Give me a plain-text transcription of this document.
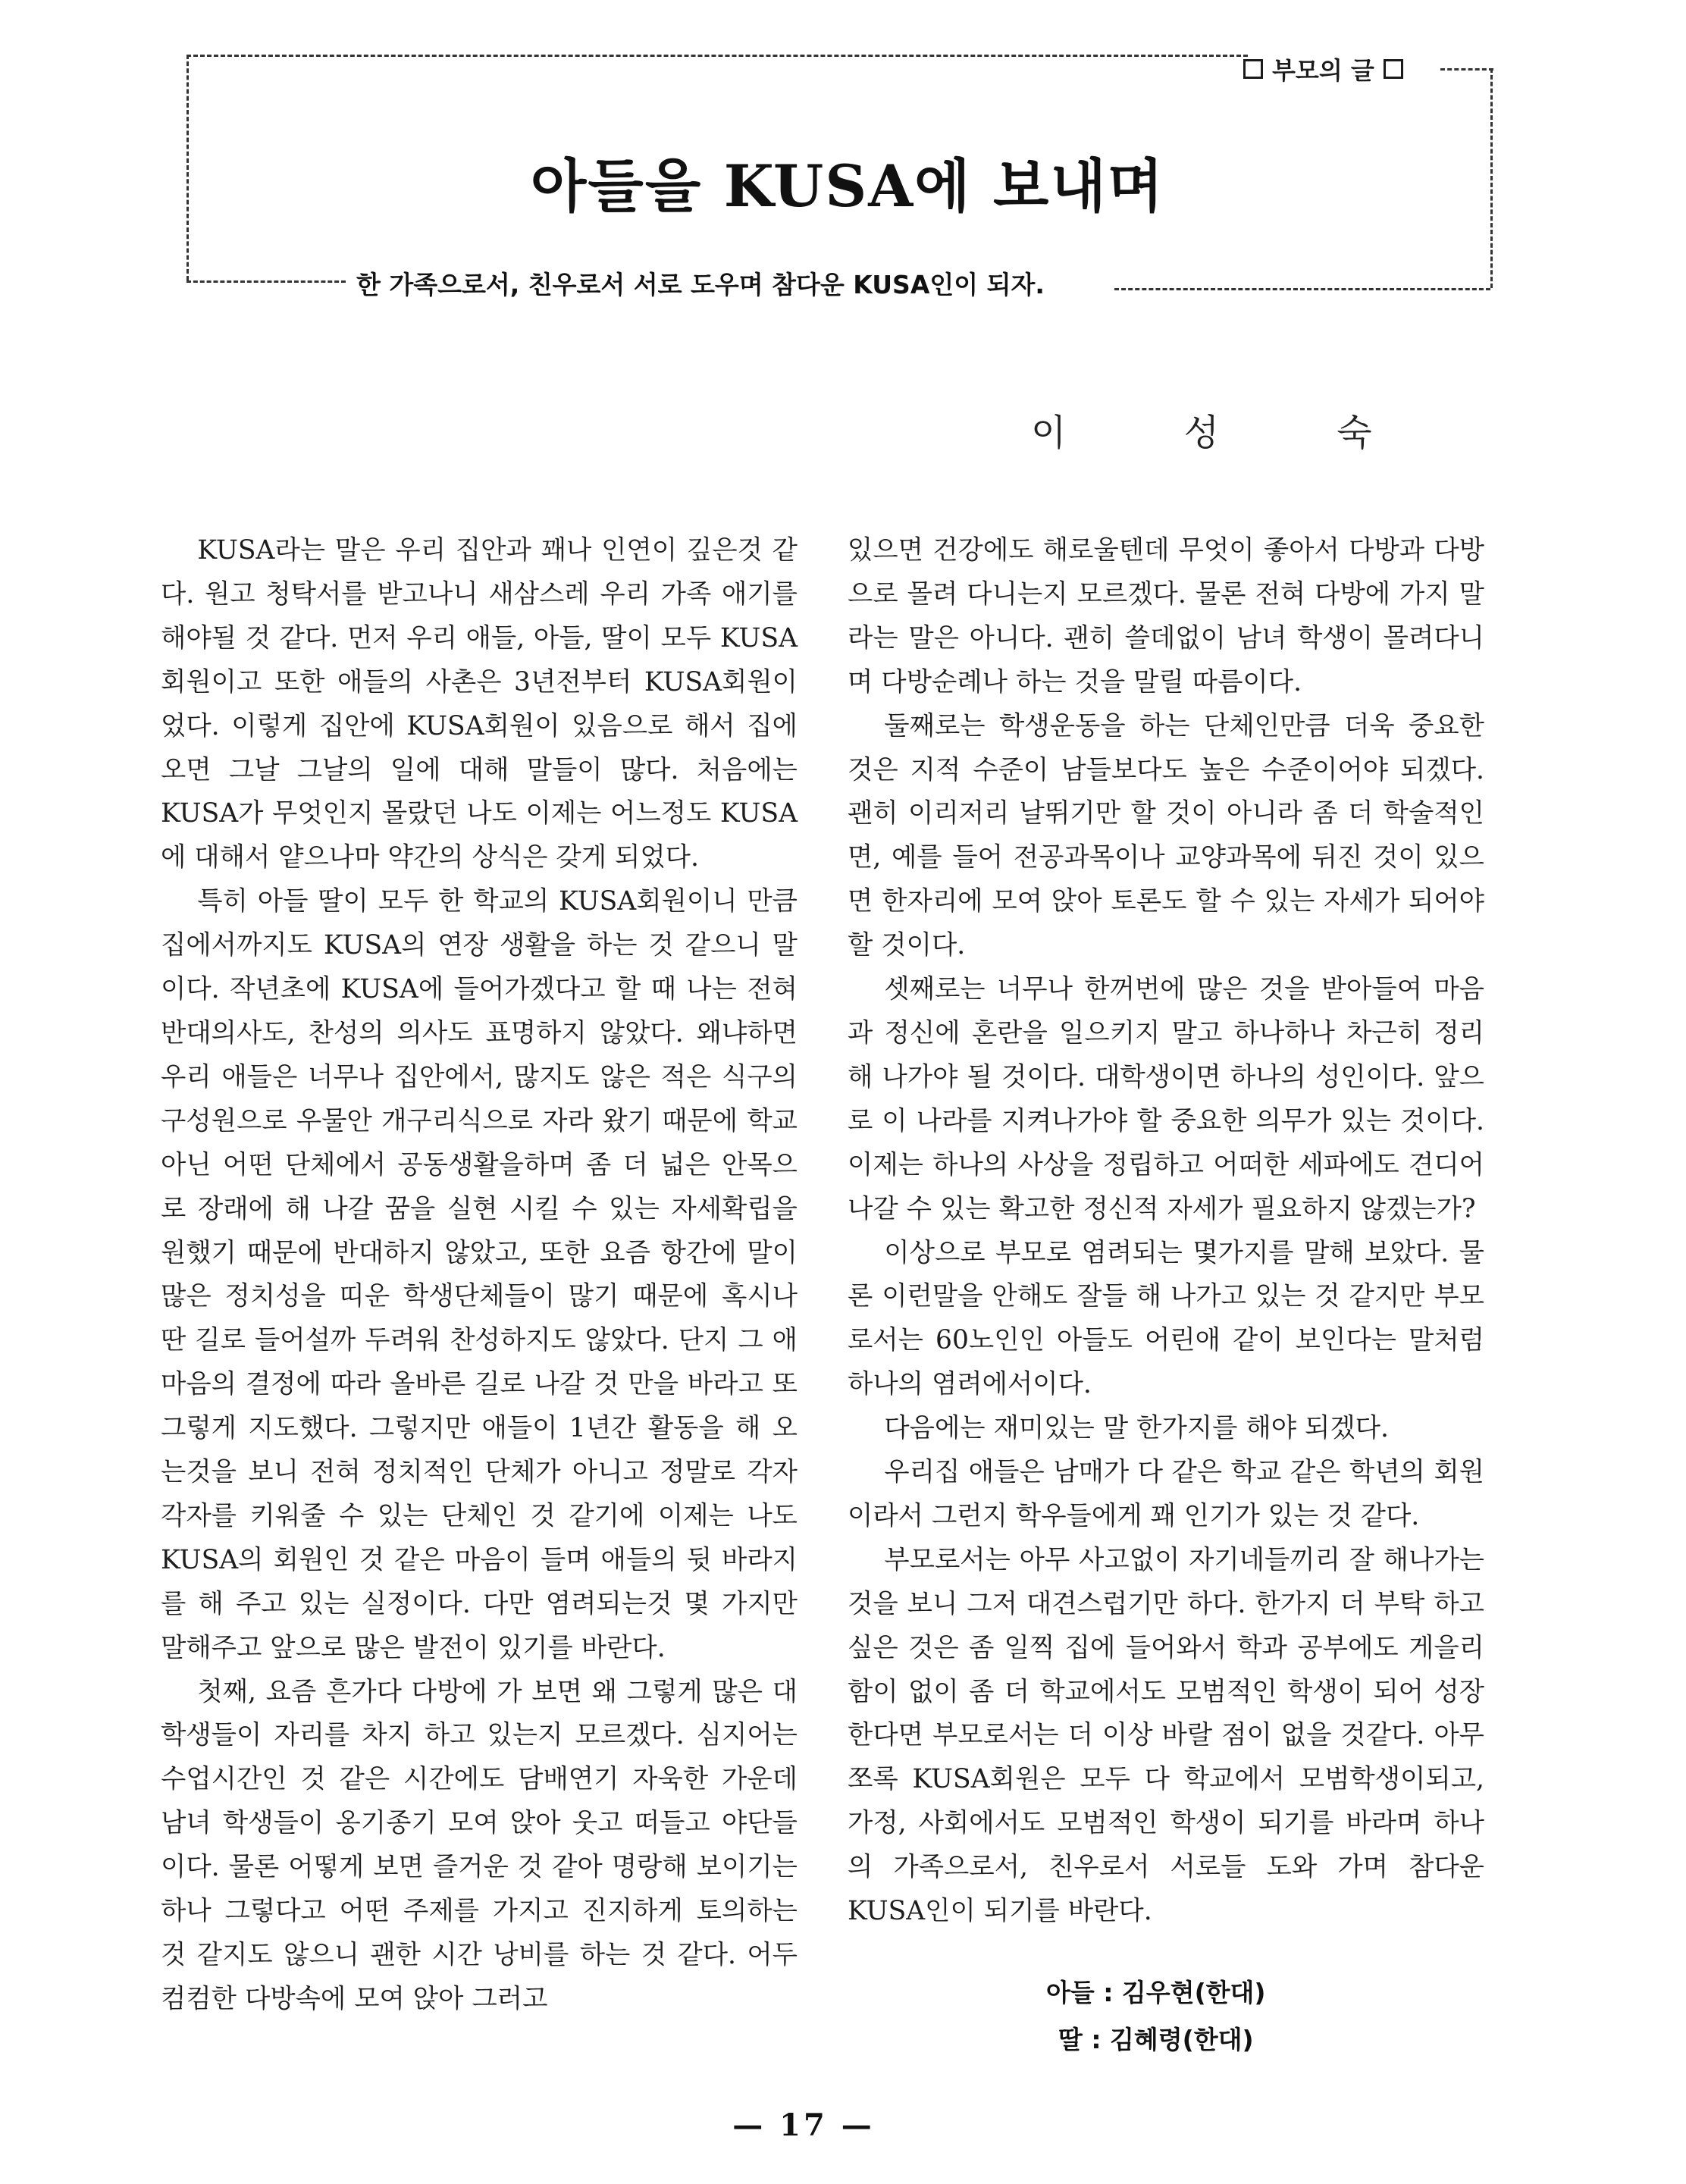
부모의 글
아들을 KUSA에 보내며
한 가족으로서, 친우로서 서로 도우며 참다운 KUSA인이 되자.
이 성 숙

KUSA라는 말은 우리 집안과 꽤나 인연이 깊은것 같다. 원고 청탁서를 받고나니 새삼스레 우리 가족 애기를 해야될 것 같다. 먼저 우리 애들, 아들, 딸이 모두 KUSA회원이고 또한 애들의 사촌은 3년전부터 KUSA회원이었다. 이렇게 집안에 KUSA회원이 있음으로 해서 집에 오면 그날 그날의 일에 대해 말들이 많다. 처음에는 KUSA가 무엇인지 몰랐던 나도 이제는 어느정도 KUSA에 대해서 얕으나마 약간의 상식은 갖게 되었다.

특히 아들 딸이 모두 한 학교의 KUSA회원이니 만큼 집에서까지도 KUSA의 연장 생활을 하는 것 같으니 말이다. 작년초에 KUSA에 들어가겠다고 할 때 나는 전혀 반대의사도, 찬성의 의사도 표명하지 않았다. 왜냐하면 우리 애들은 너무나 집안에서, 많지도 않은 적은 식구의 구성원으로 우물안 개구리식으로 자라 왔기 때문에 학교 아닌 어떤 단체에서 공동생활을하며 좀 더 넓은 안목으로 장래에 해 나갈 꿈을 실현 시킬 수 있는 자세확립을 원했기 때문에 반대하지 않았고, 또한 요즘 항간에 말이 많은 정치성을 띠운 학생단체들이 많기 때문에 혹시나 딴 길로 들어설까 두려워 찬성하지도 않았다. 단지 그 애 마음의 결정에 따라 올바른 길로 나갈 것 만을 바라고 또 그렇게 지도했다. 그렇지만 애들이 1년간 활동을 해 오는것을 보니 전혀 정치적인 단체가 아니고 정말로 각자 각자를 키워줄 수 있는 단체인 것 같기에 이제는 나도 KUSA의 회원인 것 같은 마음이 들며 애들의 뒷 바라지를 해 주고 있는 실정이다. 다만 염려되는것 몇 가지만 말해주고 앞으로 많은 발전이 있기를 바란다.

첫째, 요즘 흔가다 다방에 가 보면 왜 그렇게 많은 대학생들이 자리를 차지 하고 있는지 모르겠다. 심지어는 수업시간인 것 같은 시간에도 담배연기 자욱한 가운데 남녀 학생들이 옹기종기 모여 앉아 웃고 떠들고 야단들이다. 물론 어떻게 보면 즐거운 것 같아 명랑해 보이기는 하나 그렇다고 어떤 주제를 가지고 진지하게 토의하는 것 같지도 않으니 괜한 시간 낭비를 하는 것 같다. 어두컴컴한 다방속에 모여 앉아 그러고

있으면 건강에도 해로울텐데 무엇이 좋아서 다방과 다방으로 몰려 다니는지 모르겠다. 물론 전혀 다방에 가지 말라는 말은 아니다. 괜히 쓸데없이 남녀 학생이 몰려다니며 다방순례나 하는 것을 말릴 따름이다.

둘째로는 학생운동을 하는 단체인만큼 더욱 중요한 것은 지적 수준이 남들보다도 높은 수준이어야 되겠다. 괜히 이리저리 날뛰기만 할 것이 아니라 좀 더 학술적인 면, 예를 들어 전공과목이나 교양과목에 뒤진 것이 있으면 한자리에 모여 앉아 토론도 할 수 있는 자세가 되어야 할 것이다.

셋째로는 너무나 한꺼번에 많은 것을 받아들여 마음과 정신에 혼란을 일으키지 말고 하나하나 차근히 정리해 나가야 될 것이다. 대학생이면 하나의 성인이다. 앞으로 이 나라를 지켜나가야 할 중요한 의무가 있는 것이다. 이제는 하나의 사상을 정립하고 어떠한 세파에도 견디어 나갈 수 있는 확고한 정신적 자세가 필요하지 않겠는가?

이상으로 부모로 염려되는 몇가지를 말해 보았다. 물론 이런말을 안해도 잘들 해 나가고 있는 것 같지만 부모로서는 60노인인 아들도 어린애 같이 보인다는 말처럼 하나의 염려에서이다.

다음에는 재미있는 말 한가지를 해야 되겠다.

우리집 애들은 남매가 다 같은 학교 같은 학년의 회원이라서 그런지 학우들에게 꽤 인기가 있는 것 같다.

부모로서는 아무 사고없이 자기네들끼리 잘 해나가는 것을 보니 그저 대견스럽기만 하다. 한가지 더 부탁 하고 싶은 것은 좀 일찍 집에 들어와서 학과 공부에도 게을리 함이 없이 좀 더 학교에서도 모범적인 학생이 되어 성장한다면 부모로서는 더 이상 바랄 점이 없을 것같다. 아무쪼록 KUSA회원은 모두 다 학교에서 모범학생이되고, 가정, 사회에서도 모범적인 학생이 되기를 바라며 하나의 가족으로서, 친우로서 서로들 도와 가며 참다운 KUSA인이 되기를 바란다.

아들 : 김우현(한대)
딸 : 김혜령(한대)
— 17 —
